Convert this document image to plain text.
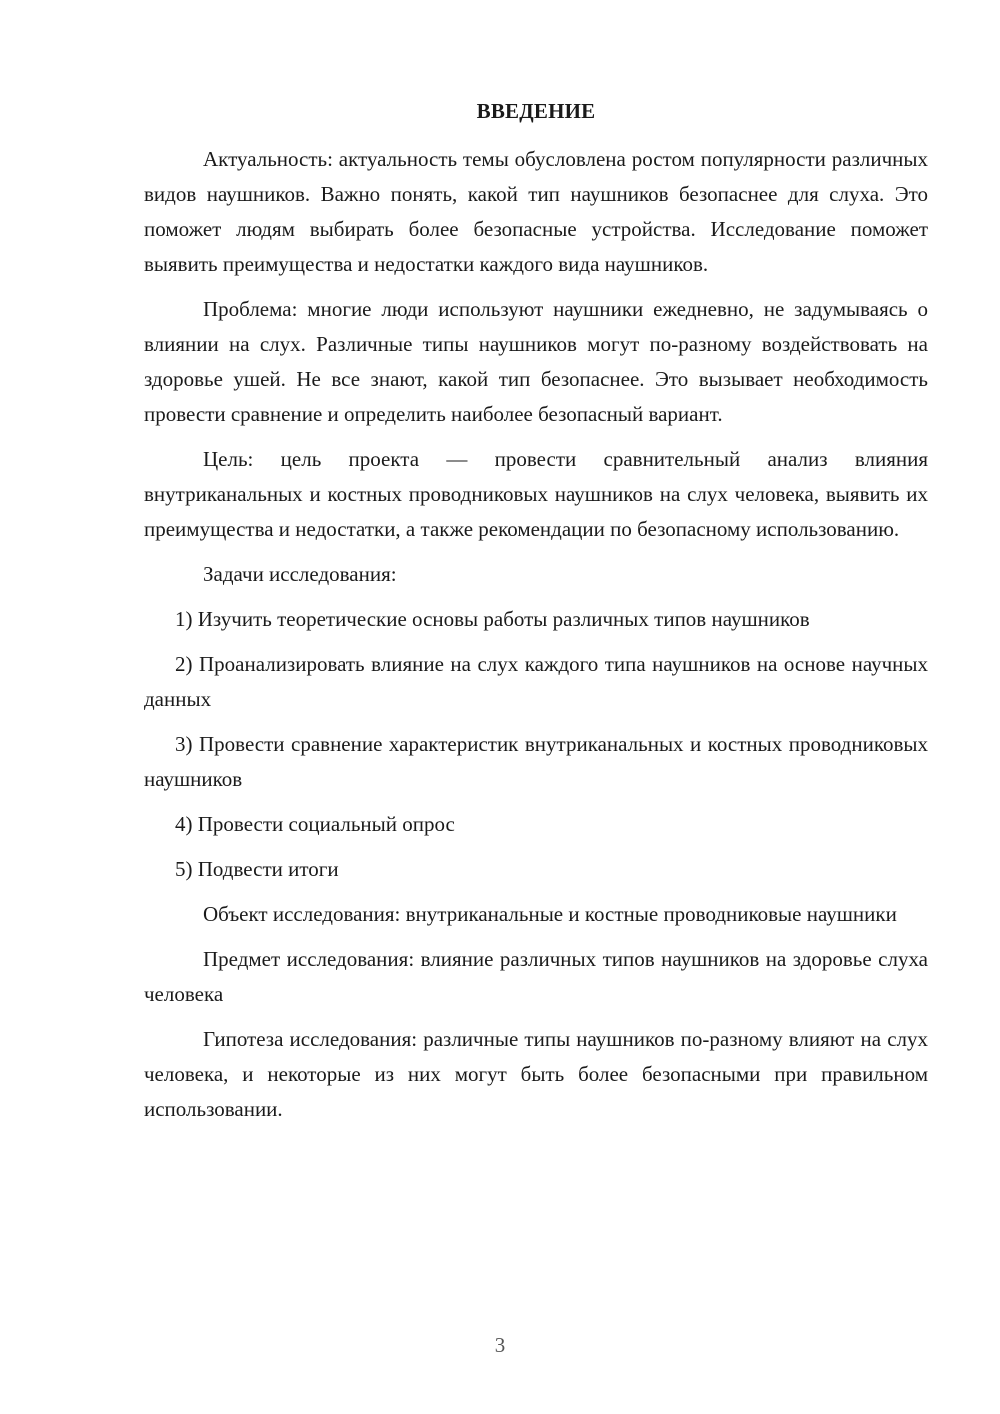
ВВЕДЕНИЕ

Актуальность: актуальность темы обусловлена ростом популярности различных видов наушников. Важно понять, какой тип наушников безопаснее для слуха. Это поможет людям выбирать более безопасные устройства. Исследование поможет выявить преимущества и недостатки каждого вида наушников.

Проблема: многие люди используют наушники ежедневно, не задумываясь о влиянии на слух. Различные типы наушников могут по-разному воздействовать на здоровье ушей. Не все знают, какой тип безопаснее. Это вызывает необходимость провести сравнение и определить наиболее безопасный вариант.

Цель: цель проекта — провести сравнительный анализ влияния внутриканальных и костных проводниковых наушников на слух человека, выявить их преимущества и недостатки, а также рекомендации по безопасному использованию.

Задачи исследования:

1) Изучить теоретические основы работы различных типов наушников

2) Проанализировать влияние на слух каждого типа наушников на основе научных данных

3) Провести сравнение характеристик внутриканальных и костных проводниковых наушников

4) Провести социальный опрос

5) Подвести итоги

Объект исследования: внутриканальные и костные проводниковые наушники

Предмет исследования: влияние различных типов наушников на здоровье слуха человека

Гипотеза исследования: различные типы наушников по-разному влияют на слух человека, и некоторые из них могут быть более безопасными при правильном использовании.

3
